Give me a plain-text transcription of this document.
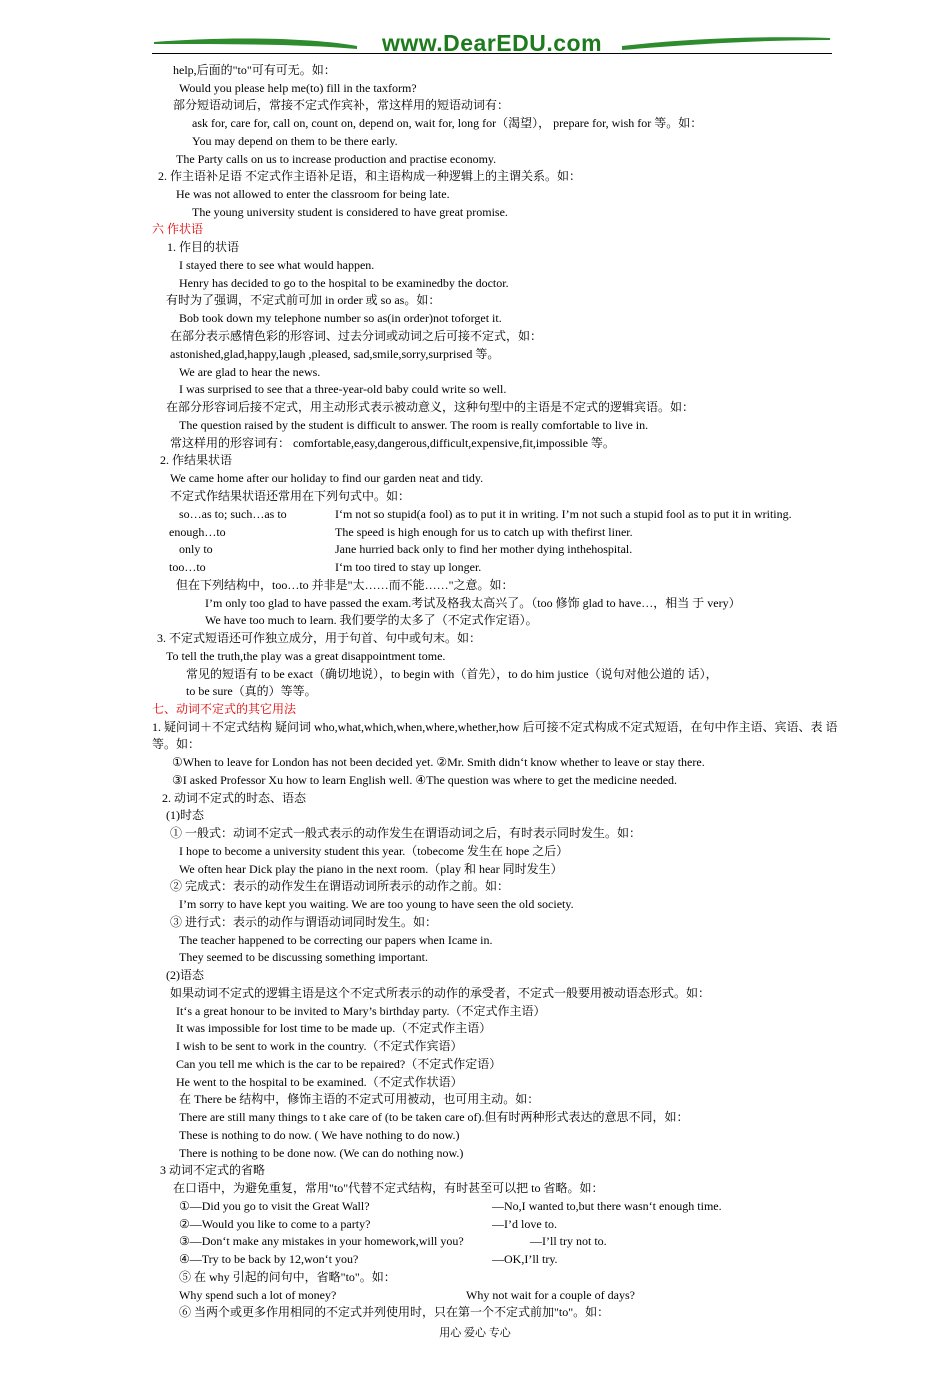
www.DearEDU.com
help,后面的"to"可有可无。如：
Would you please help me(to) fill in the taxform?
部分短语动词后，常接不定式作宾补，常这样用的短语动词有：
ask for, care for, call on, count on, depend on, wait for, long for（渴望）， prepare for, wish for 等。如：
You may depend on them to be there early.
The Party calls on us to increase production and practise economy.
2. 作主语补足语 不定式作主语补足语，和主语构成一种逻辑上的主谓关系。如：
He was not allowed to enter the classroom for being late.
The young university student is considered to have great promise.
六 作状语
1. 作目的状语
I stayed there to see what would happen.
Henry has decided to go to the hospital to be examinedby the doctor.
有时为了强调，不定式前可加 in order 或 so as。如：
Bob took down my telephone number so as(in order)not toforget it.
在部分表示感情色彩的形容词、过去分词或动词之后可接不定式，如：
astonished,glad,happy,laugh ,pleased, sad,smile,sorry,surprised 等。
We are glad to hear the news.
I was surprised to see that a three-year-old baby could write so well.
在部分形容词后接不定式，用主动形式表示被动意义，这种句型中的主语是不定式的逻辑宾语。如：
The question raised by the student is difficult to answer. The room is really comfortable to live in.
常这样用的形容词有： comfortable,easy,dangerous,difficult,expensive,fit,impossible 等。
2. 作结果状语
We came home after our holiday to find our garden neat and tidy.
不定式作结果状语还常用在下列句式中。如：
so…as to; such…as to	I‘m not so stupid(a fool) as to put it in writing. I’m not such a stupid fool as to put it in writing.
enough…to	The speed is high enough for us to catch up with thefirst liner.
only to	Jane hurried back only to find her mother dying inthehospital.
too…to	I‘m too tired to stay up longer.
但在下列结构中，too…to 并非是"太……而不能……"之意。如：
I’m only too glad to have passed the exam.考试及格我太高兴了。（too 修饰 glad to have…，相当 于 very）
We have too much to learn. 我们要学的太多了（不定式作定语）。
3. 不定式短语还可作独立成分，用于句首、句中或句末。如：
To tell the truth,the play was a great disappointment tome.
常见的短语有 to be exact（确切地说），to begin with（首先），to do him justice（说句对他公道的 话），
to be sure（真的）等等。
七、动词不定式的其它用法
1. 疑问词＋不定式结构 疑问词 who,what,which,when,where,whether,how 后可接不定式构成不定式短语，在句中作主语、宾语、表 语等。如：
①When to leave for London has not been decided yet. ②Mr. Smith didn‘t know whether to leave or stay there.
③I asked Professor Xu how to learn English well. ④The question was where to get the medicine needed.
2. 动词不定式的时态、语态
(1)时态
① 一般式：动词不定式一般式表示的动作发生在谓语动词之后，有时表示同时发生。如：
I hope to become a university student this year.（tobecome 发生在 hope 之后）
We often hear Dick play the piano in the next room.（play 和 hear 同时发生）
② 完成式：表示的动作发生在谓语动词所表示的动作之前。如：
I’m sorry to have kept you waiting. We are too young to have seen the old society.
③ 进行式：表示的动作与谓语动词同时发生。如：
The teacher happened to be correcting our papers when Icame in.
They seemed to be discussing something important.
(2)语态
如果动词不定式的逻辑主语是这个不定式所表示的动作的承受者，不定式一般要用被动语态形式。如：
It‘s a great honour to be invited to Mary’s birthday party.（不定式作主语）
It was impossible for lost time to be made up.（不定式作主语）
I wish to be sent to work in the country.（不定式作宾语）
Can you tell me which is the car to be repaired?（不定式作定语）
He went to the hospital to be examined.（不定式作状语）
在 There be 结构中，修饰主语的不定式可用被动，也可用主动。如：
There are still many things to t ake care of (to be taken care of).但有时两种形式表达的意思不同，如：
These is nothing to do now. ( We have nothing to do now.)
There is nothing to be done now. (We can do nothing now.)
3 动词不定式的省略
在口语中，为避免重复，常用"to"代替不定式结构，有时甚至可以把 to 省略。如：
①—Did you go to visit the Great Wall?	—No,I wanted to,but there wasn‘t enough time.
②—Would you like to come to a party?	—I’d love to.
③—Don‘t make any mistakes in your homework,will you?	—I’ll try not to.
④—Try to be back by 12,won‘t you?	—OK,I’ll try.
⑤ 在 why 引起的问句中，省略"to"。如：
Why spend such a lot of money?	Why not wait for a couple of days?
⑥ 当两个或更多作用相同的不定式并列使用时，只在第一个不定式前加"to"。如：
用心 爱心 专心
